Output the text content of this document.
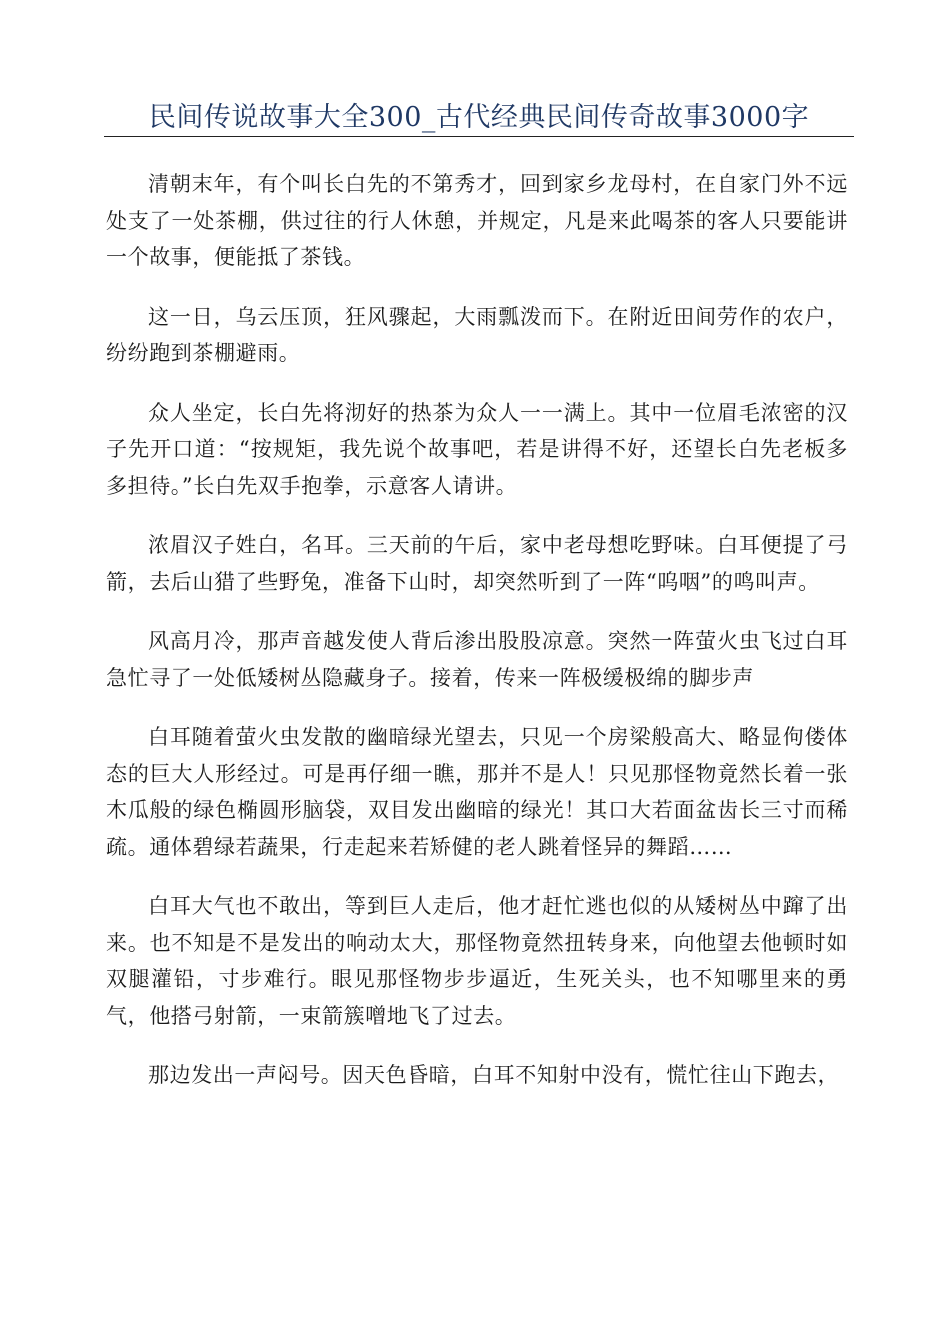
民间传说故事大全300_古代经典民间传奇故事3000字

清朝末年，有个叫长白先的不第秀才，回到家乡龙母村，在自家门外不远处支了一处茶棚，供过往的行人休憩，并规定，凡是来此喝茶的客人只要能讲一个故事，便能抵了茶钱。

这一日，乌云压顶，狂风骤起，大雨瓢泼而下。在附近田间劳作的农户，纷纷跑到茶棚避雨。

众人坐定，长白先将沏好的热茶为众人一一满上。其中一位眉毛浓密的汉子先开口道：“按规矩，我先说个故事吧，若是讲得不好，还望长白先老板多多担待。”长白先双手抱拳，示意客人请讲。

浓眉汉子姓白，名耳。三天前的午后，家中老母想吃野味。白耳便提了弓箭，去后山猎了些野兔，准备下山时，却突然听到了一阵“呜咽”的鸣叫声。

风高月冷，那声音越发使人背后渗出股股凉意。突然一阵萤火虫飞过白耳急忙寻了一处低矮树丛隐藏身子。接着，传来一阵极缓极绵的脚步声

白耳随着萤火虫发散的幽暗绿光望去，只见一个房梁般高大、略显佝偻体态的巨大人形经过。可是再仔细一瞧，那并不是人！只见那怪物竟然长着一张木瓜般的绿色椭圆形脑袋，双目发出幽暗的绿光！其口大若面盆齿长三寸而稀疏。通体碧绿若蔬果，行走起来若矫健的老人跳着怪异的舞蹈……

白耳大气也不敢出，等到巨人走后，他才赶忙逃也似的从矮树丛中蹿了出来。也不知是不是发出的响动太大，那怪物竟然扭转身来，向他望去他顿时如双腿灌铅，寸步难行。眼见那怪物步步逼近，生死关头，也不知哪里来的勇气，他搭弓射箭，一束箭簇噌地飞了过去。

那边发出一声闷号。因天色昏暗，白耳不知射中没有，慌忙往山下跑去，
